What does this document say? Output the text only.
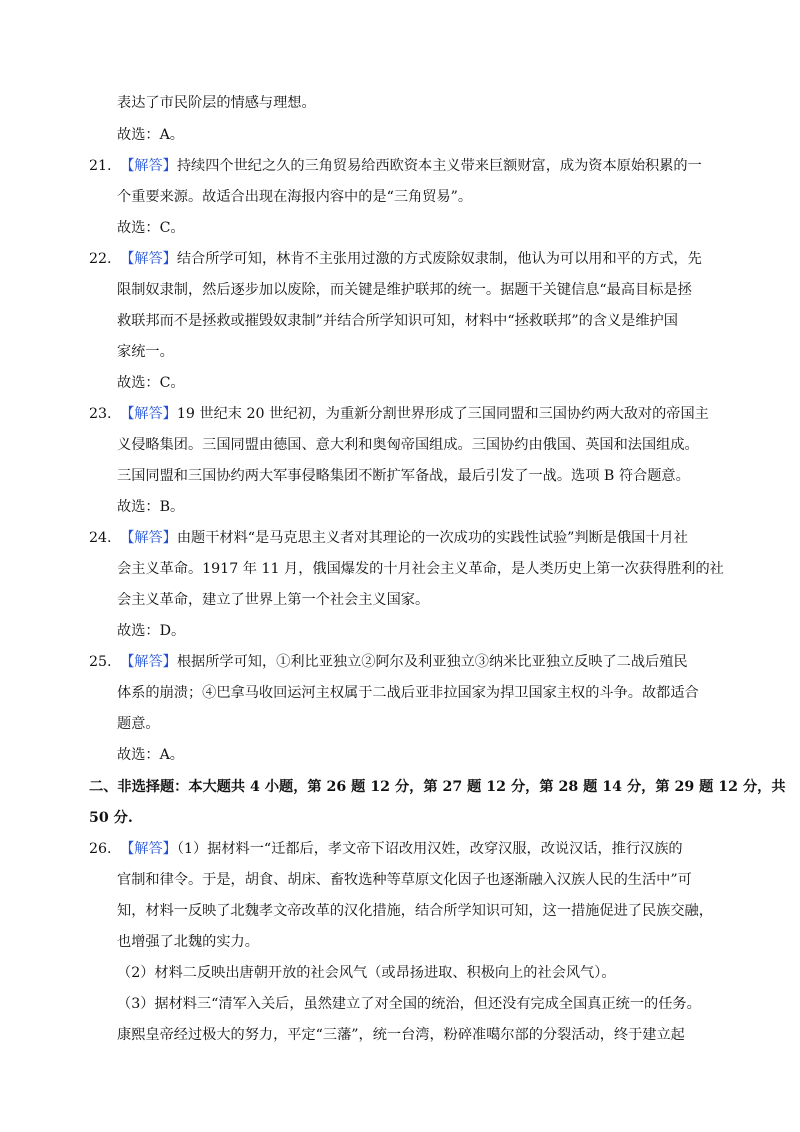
表达了市民阶层的情感与理想。
故选：A。
21. 【解答】持续四个世纪之久的三角贸易给西欧资本主义带来巨额财富，成为资本原始积累的一
个重要来源。故适合出现在海报内容中的是“三角贸易”。
故选：C。
22. 【解答】结合所学可知，林肯不主张用过激的方式废除奴隶制，他认为可以用和平的方式，先
限制奴隶制，然后逐步加以废除，而关键是维护联邦的统一。据题干关键信息“最高目标是拯
救联邦而不是拯救或摧毁奴隶制”并结合所学知识可知，材料中“拯救联邦”的含义是维护国
家统一。
故选：C。
23. 【解答】19 世纪末 20 世纪初，为重新分割世界形成了三国同盟和三国协约两大敌对的帝国主
义侵略集团。三国同盟由德国、意大利和奥匈帝国组成。三国协约由俄国、英国和法国组成。
三国同盟和三国协约两大军事侵略集团不断扩军备战，最后引发了一战。选项 B 符合题意。
故选：B。
24. 【解答】由题干材料“是马克思主义者对其理论的一次成功的实践性试验”判断是俄国十月社
会主义革命。1917 年 11 月，俄国爆发的十月社会主义革命，是人类历史上第一次获得胜利的社
会主义革命，建立了世界上第一个社会主义国家。
故选：D。
25. 【解答】根据所学可知，①利比亚独立②阿尔及利亚独立③纳米比亚独立反映了二战后殖民
体系的崩溃；④巴拿马收回运河主权属于二战后亚非拉国家为捍卫国家主权的斗争。故都适合
题意。
故选：A。
二、非选择题：本大题共 4 小题，第 26 题 12 分，第 27 题 12 分，第 28 题 14 分，第 29 题 12 分，共
50 分.
26. 【解答】（1）据材料一“迁都后，孝文帝下诏改用汉姓，改穿汉服，改说汉话，推行汉族的
官制和律令。于是，胡食、胡床、畜牧选种等草原文化因子也逐渐融入汉族人民的生活中”可
知，材料一反映了北魏孝文帝改革的汉化措施，结合所学知识可知，这一措施促进了民族交融，
也增强了北魏的实力。
（2）材料二反映出唐朝开放的社会风气（或昂扬进取、积极向上的社会风气）。
（3）据材料三“清军入关后，虽然建立了对全国的统治，但还没有完成全国真正统一的任务。
康熙皇帝经过极大的努力，平定“三藩”，统一台湾，粉碎准噶尔部的分裂活动，终于建立起
